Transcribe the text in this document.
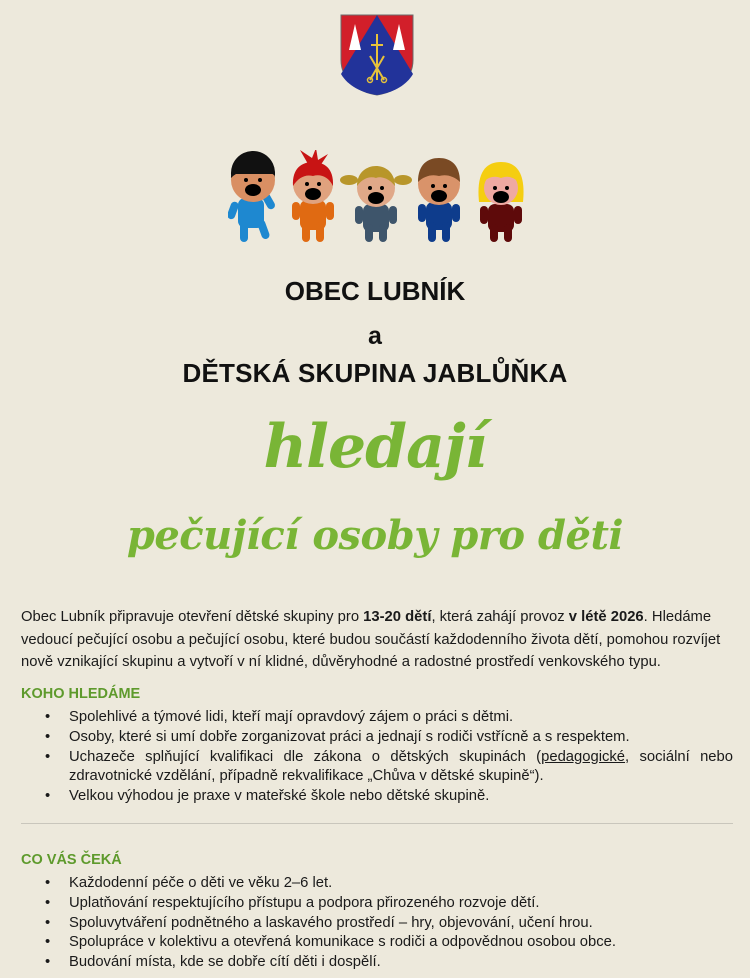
OBEC LUBNÍK
a
DĚTSKÁ SKUPINA JABLŮŇKA
hledají
pečující osoby pro děti

Obec Lubník připravuje otevření dětské skupiny pro 13-20 dětí, která zahájí provoz v létě 2026. Hledáme vedoucí pečující osobu a pečující osobu, které budou součástí každodenního života dětí, pomohou rozvíjet nově vznikající skupinu a vytvoří v ní klidné, důvěryhodné a radostné prostředí venkovského typu.

KOHO HLEDÁME
• Spolehlivé a týmové lidi, kteří mají opravdový zájem o práci s dětmi.
• Osoby, které si umí dobře zorganizovat práci a jednají s rodiči vstřícně a s respektem.
• Uchazeče splňující kvalifikaci dle zákona o dětských skupinách (pedagogické, sociální nebo zdravotnické vzdělání, případně rekvalifikace „Chůva v dětské skupině“).
• Velkou výhodou je praxe v mateřské škole nebo dětské skupině.
CO VÁS ČEKÁ
• Každodenní péče o děti ve věku 2–6 let.
• Uplatňování respektujícího přístupu a podpora přirozeného rozvoje dětí.
• Spoluvytváření podnětného a laskavého prostředí – hry, objevování, učení hrou.
• Spolupráce v kolektivu a otevřená komunikace s rodiči a odpovědnou osobou obce.
• Budování místa, kde se dobře cítí děti i dospělí.
